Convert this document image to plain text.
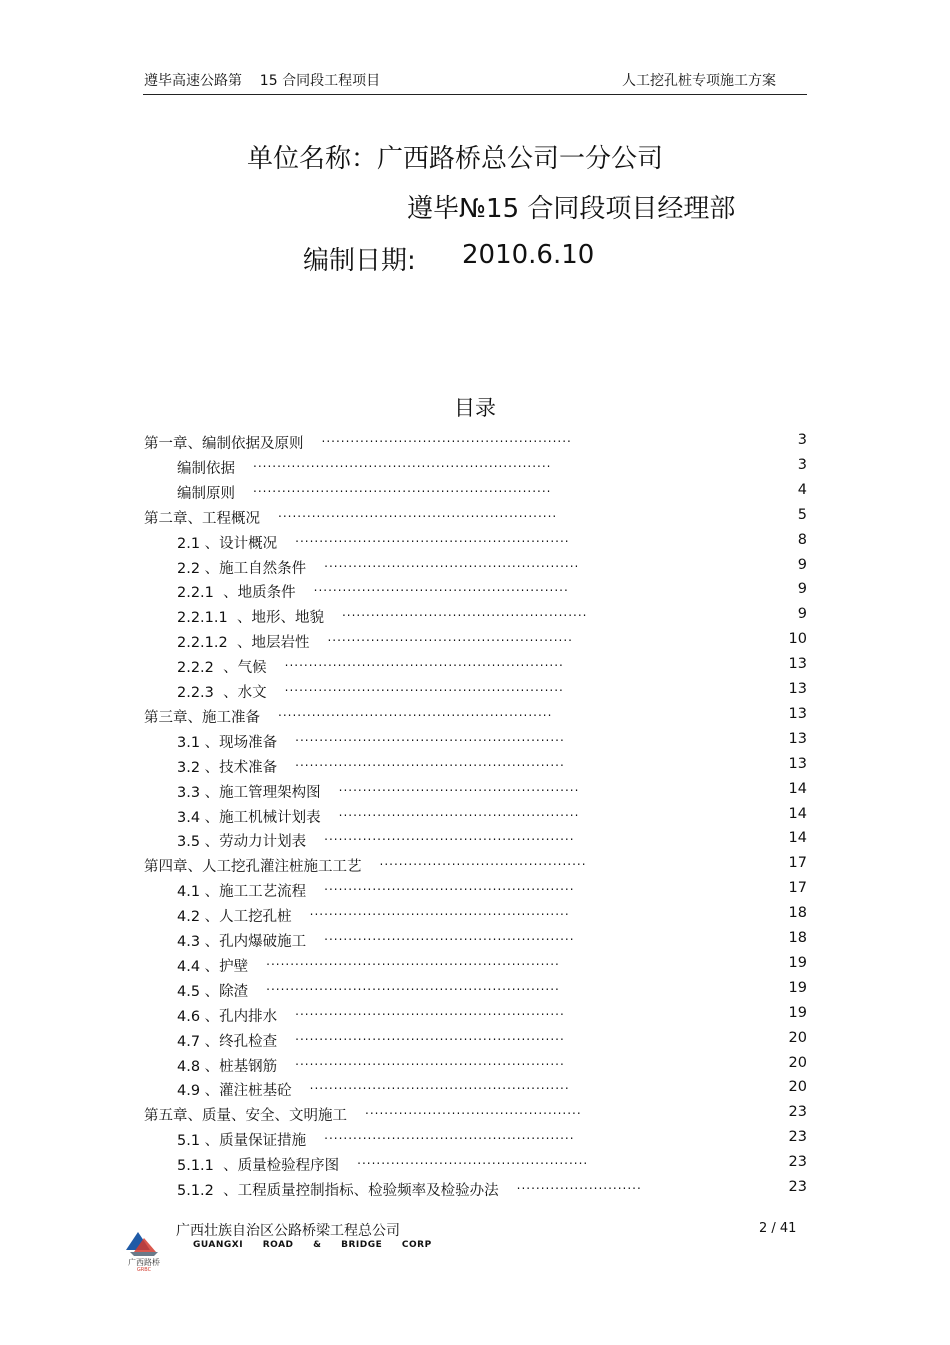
遵毕高速公路第    15 合同段工程项目	人工挖孔桩专项施工方案
单位名称：广西路桥总公司一分公司
遵毕№15 合同段项目经理部
编制日期: 2010.6.10
目录
第一章、编制依据及原则 ....................................................	3
编制依据 ..............................................................	3
编制原则 ..............................................................	4
第二章、工程概况 ..........................................................	5
2.1 、设计概况 .........................................................	8
2.2 、施工自然条件 .....................................................	9
2.2.1  、地质条件 .....................................................	9
2.2.1.1  、地形、地貌 ...................................................	9
2.2.1.2  、地层岩性 ...................................................	10
2.2.2  、气候 ..........................................................	13
2.2.3  、水文 ..........................................................	13
第三章、施工准备 .........................................................	13
3.1 、现场准备 ........................................................	13
3.2 、技术准备 ........................................................	13
3.3 、施工管理架构图 ..................................................	14
3.4 、施工机械计划表 ..................................................	14
3.5 、劳动力计划表 ....................................................	14
第四章、人工挖孔灌注桩施工工艺 ...........................................	17
4.1 、施工工艺流程 ....................................................	17
4.2 、人工挖孔桩 ......................................................	18
4.3 、孔内爆破施工 ....................................................	18
4.4 、护壁 .............................................................	19
4.5 、除渣 .............................................................	19
4.6 、孔内排水 ........................................................	19
4.7 、终孔检查 ........................................................	20
4.8 、桩基钢筋 ........................................................	20
4.9 、灌注桩基砼 ......................................................	20
第五章、质量、安全、文明施工 .............................................	23
5.1 、质量保证措施 ....................................................	23
5.1.1  、质量检验程序图 ................................................	23
5.1.2  、工程质量控制指标、检验频率及检验办法 ..........................	23
广西壮族自治区公路桥梁工程总公司
GUANGXI ROAD & BRIDGE CORP
2 / 41
广西路桥
GRBC
